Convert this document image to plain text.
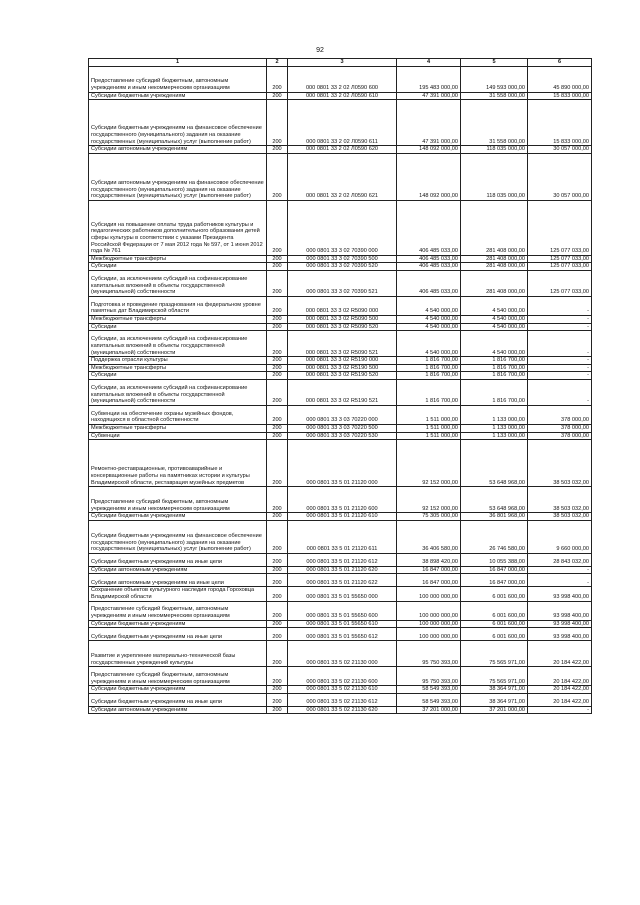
92
1	2	3	4	5	6
Предоставление субсидий бюджетным, автономным учреждениям и иным некоммерческим организациям	200	000 0801 33 2 02 Л0590 600	195 483 000,00	149 593 000,00	45 890 000,00
Субсидии бюджетным учреждениям	200	000 0801 33 2 02 Л0590 610	47 391 000,00	31 558 000,00	15 833 000,00
Субсидии бюджетным учреждениям на финансовое обеспечение государственного (муниципального) задания на оказание государственных (муниципальных) услуг (выполнение работ)	200	000 0801 33 2 02 Л0590 611	47 391 000,00	31 558 000,00	15 833 000,00
Субсидии автономным учреждениям	200	000 0801 33 2 02 Л0590 620	148 092 000,00	118 035 000,00	30 057 000,00
Субсидии автономным учреждениям на финансовое обеспечение государственного (муниципального) задания на оказание государственных (муниципальных) услуг (выполнение работ)	200	000 0801 33 2 02 Л0590 621	148 092 000,00	118 035 000,00	30 057 000,00
Субсидия на повышение оплаты труда работников культуры и педагогических работников дополнительного образования детей сферы культуры в соответствии с указами Президента Российской Федерации от 7 мая 2012 года № 597, от 1 июня 2012 года № 761	200	000 0801 33 3 02 70390 000	406 485 033,00	281 408 000,00	125 077 033,00
Межбюджетные трансферты	200	000 0801 33 3 02 70390 500	406 485 033,00	281 408 000,00	125 077 033,00
Субсидии	200	000 0801 33 3 02 70390 520	406 485 033,00	281 408 000,00	125 077 033,00
Субсидии, за исключением субсидий на софинансирование капитальных вложений в объекты государственной (муниципальной) собственности	200	000 0801 33 3 02 70390 521	406 485 033,00	281 408 000,00	125 077 033,00
Подготовка и проведение празднования на федеральном уровне памятных дат Владимирской области	200	000 0801 33 3 02 R5090 000	4 540 000,00	4 540 000,00	-
Межбюджетные трансферты	200	000 0801 33 3 02 R5090 500	4 540 000,00	4 540 000,00	-
Субсидии	200	000 0801 33 3 02 R5090 520	4 540 000,00	4 540 000,00	-
Субсидии, за исключением субсидий на софинансирование капитальных вложений в объекты государственной (муниципальной) собственности	200	000 0801 33 3 02 R5090 521	4 540 000,00	4 540 000,00	-
Поддержка отрасли культуры	200	000 0801 33 3 02 R5190 000	1 816 700,00	1 816 700,00	-
Межбюджетные трансферты	200	000 0801 33 3 02 R5190 500	1 816 700,00	1 816 700,00	-
Субсидии	200	000 0801 33 3 02 R5190 520	1 816 700,00	1 816 700,00	-
Субсидии, за исключением субсидий на софинансирование капитальных вложений в объекты государственной (муниципальной) собственности	200	000 0801 33 3 02 R5190 521	1 816 700,00	1 816 700,00	-
Субвенции на обеспечение охраны музейных фондов, находящихся в областной собственности	200	000 0801 33 3 03 70220 000	1 511 000,00	1 133 000,00	378 000,00
Межбюджетные трансферты	200	000 0801 33 3 03 70220 500	1 511 000,00	1 133 000,00	378 000,00
Субвенции	200	000 0801 33 3 03 70220 530	1 511 000,00	1 133 000,00	378 000,00
Ремонтно-реставрационные, противоаварийные и консервационные работы на памятниках истории и культуры Владимирской области, реставрация музейных предметов	200	000 0801 33 5 01 21120 000	92 152 000,00	53 648 968,00	38 503 032,00
Предоставление субсидий бюджетным, автономным учреждениям и иным некоммерческим организациям	200	000 0801 33 5 01 21120 600	92 152 000,00	53 648 968,00	38 503 032,00
Субсидии бюджетным учреждениям	200	000 0801 33 5 01 21120 610	75 305 000,00	36 801 968,00	38 503 032,00
Субсидии бюджетным учреждениям на финансовое обеспечение государственного (муниципального) задания на оказание государственных (муниципальных) услуг (выполнение работ)	200	000 0801 33 5 01 21120 611	36 406 580,00	26 746 580,00	9 660 000,00
Субсидии бюджетным учреждениям на иные цели	200	000 0801 33 5 01 21120 612	38 898 420,00	10 055 388,00	28 843 032,00
Субсидии автономным учреждениям	200	000 0801 33 5 01 21120 620	16 847 000,00	16 847 000,00	-
Субсидии автономным учреждениям на иные цели	200	000 0801 33 5 01 21120 622	16 847 000,00	16 847 000,00	-
Сохранение объектов культурного наследия города Гороховца Владимирской области	200	000 0801 33 5 01 55650 000	100 000 000,00	6 001 600,00	93 998 400,00
Предоставление субсидий бюджетным, автономным учреждениям и иным некоммерческим организациям	200	000 0801 33 5 01 55650 600	100 000 000,00	6 001 600,00	93 998 400,00
Субсидии бюджетным учреждениям	200	000 0801 33 5 01 55650 610	100 000 000,00	6 001 600,00	93 998 400,00
Субсидии бюджетным учреждениям на иные цели	200	000 0801 33 5 01 55650 612	100 000 000,00	6 001 600,00	93 998 400,00
Развитие и укрепление материально-технической базы государственных учреждений культуры	200	000 0801 33 5 02 21130 000	95 750 393,00	75 565 971,00	20 184 422,00
Предоставление субсидий бюджетным, автономным учреждениям и иным некоммерческим организациям	200	000 0801 33 5 02 21130 600	95 750 393,00	75 565 971,00	20 184 422,00
Субсидии бюджетным учреждениям	200	000 0801 33 5 02 21130 610	58 549 393,00	38 364 971,00	20 184 422,00
Субсидии бюджетным учреждениям на иные цели	200	000 0801 33 5 02 21130 612	58 549 393,00	38 364 971,00	20 184 422,00
Субсидии автономным учреждениям	200	000 0801 33 5 02 21130 620	37 201 000,00	37 201 000,00	-
